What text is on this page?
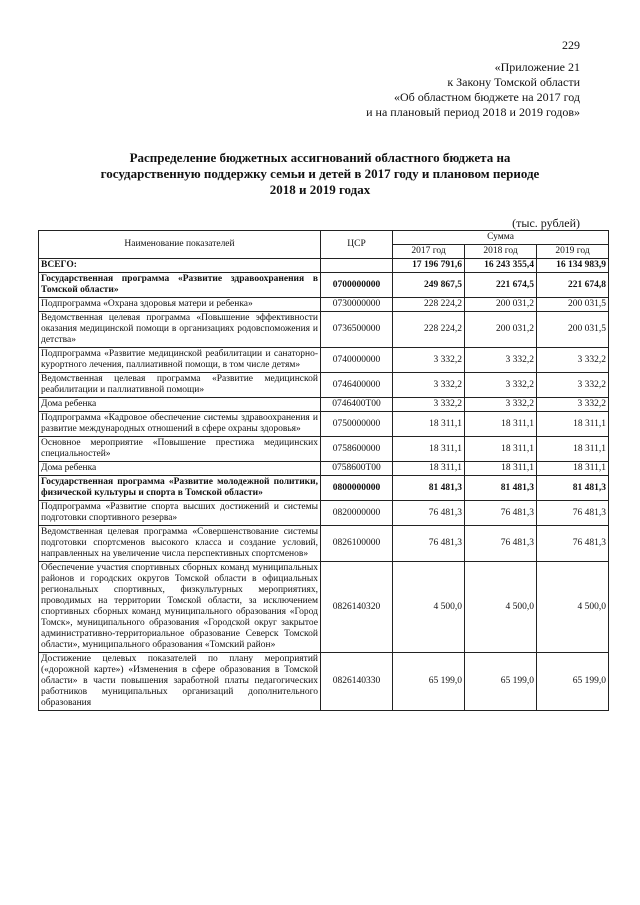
229
«Приложение 21
к Закону Томской области
«Об областном бюджете на 2017 год
и на плановый период 2018 и 2019 годов»
Распределение бюджетных ассигнований областного бюджета на
государственную поддержку семьи и детей в 2017 году и плановом периоде
2018 и 2019 годах
(тыс. рублей)
Наименование показателей	ЦСР	Сумма		
		2017 год	2018 год	2019 год
ВСЕГО:		17 196 791,6	16 243 355,4	16 134 983,9
Государственная программа «Развитие здравоохранения в Томской области»	0700000000	249 867,5	221 674,5	221 674,8
Подпрограмма «Охрана здоровья матери и ребенка»	0730000000	228 224,2	200 031,2	200 031,5
Ведомственная целевая программа «Повышение эффективности оказания медицинской помощи в организациях родовспоможения и детства»	0736500000	228 224,2	200 031,2	200 031,5
Подпрограмма «Развитие медицинской реабилитации и санаторно-курортного лечения, паллиативной помощи, в том числе детям»	0740000000	3 332,2	3 332,2	3 332,2
Ведомственная целевая программа «Развитие медицинской реабилитации и паллиативной помощи»	0746400000	3 332,2	3 332,2	3 332,2
Дома ребенка	0746400Т00	3 332,2	3 332,2	3 332,2
Подпрограмма «Кадровое обеспечение системы здравоохранения и развитие международных отношений в сфере охраны здоровья»	0750000000	18 311,1	18 311,1	18 311,1
Основное мероприятие «Повышение престижа медицинских специальностей»	0758600000	18 311,1	18 311,1	18 311,1
Дома ребенка	0758600Т00	18 311,1	18 311,1	18 311,1
Государственная программа «Развитие молодежной политики, физической культуры и спорта в Томской области»	0800000000	81 481,3	81 481,3	81 481,3
Подпрограмма «Развитие спорта высших достижений и системы подготовки спортивного резерва»	0820000000	76 481,3	76 481,3	76 481,3
Ведомственная целевая программа «Совершенствование системы подготовки спортсменов высокого класса и создание условий, направленных на увеличение числа перспективных спортсменов»	0826100000	76 481,3	76 481,3	76 481,3
Обеспечение участия спортивных сборных команд муниципальных районов и городских округов Томской области в официальных региональных спортивных, физкультурных мероприятиях, проводимых на территории Томской области, за исключением спортивных сборных команд муниципального образования «Город Томск», муниципального образования «Городской округ закрытое административно-территориальное образование Северск Томской области», муниципального образования «Томский район»	0826140320	4 500,0	4 500,0	4 500,0
Достижение целевых показателей по плану мероприятий («дорожной карте») «Изменения в сфере образования в Томской области» в части повышения заработной платы педагогических работников муниципальных организаций дополнительного образования	0826140330	65 199,0	65 199,0	65 199,0
